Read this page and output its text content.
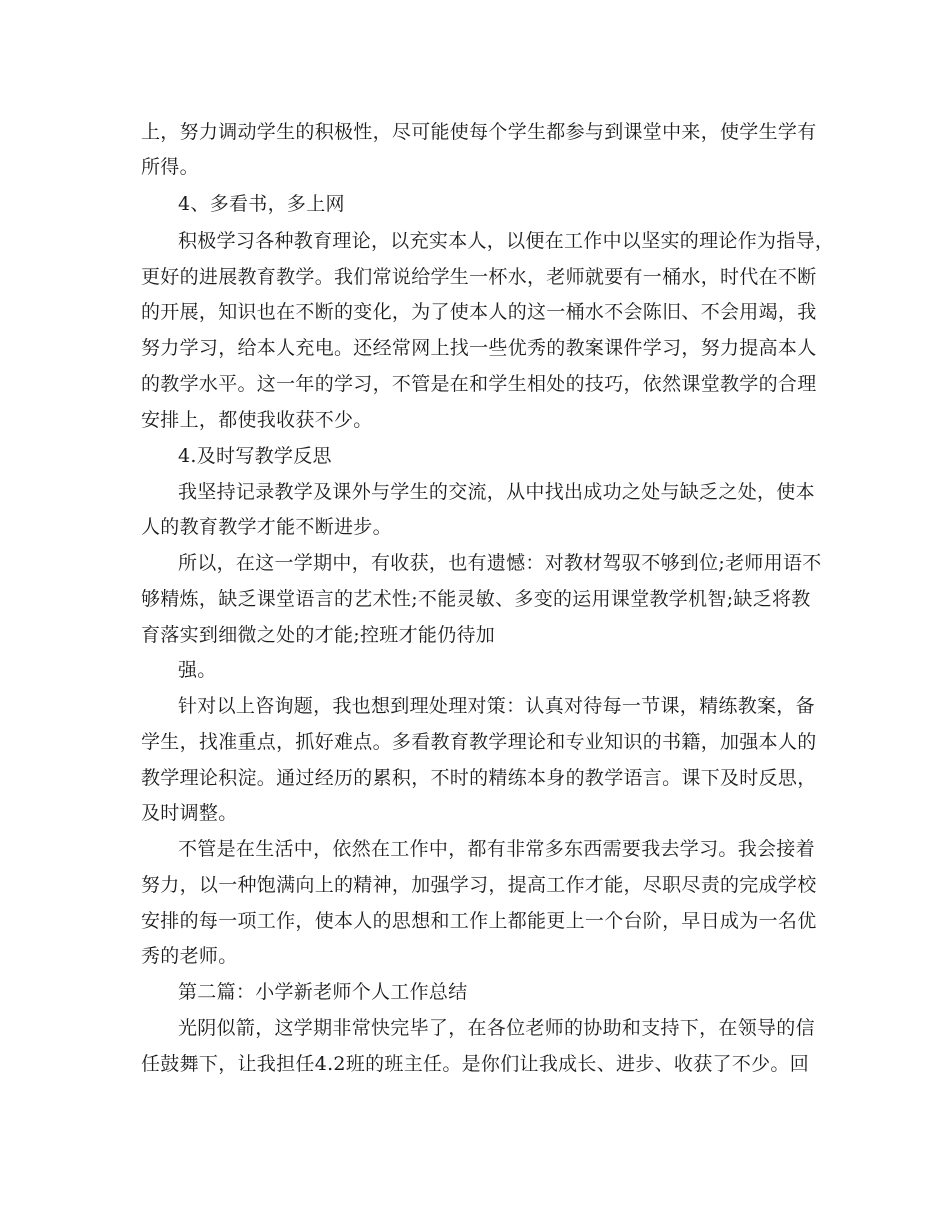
上，努力调动学生的积极性，尽可能使每个学生都参与到课堂中来，使学生学有
所得。
4、多看书，多上网
积极学习各种教育理论，以充实本人，以便在工作中以坚实的理论作为指导，
更好的进展教育教学。我们常说给学生一杯水，老师就要有一桶水，时代在不断
的开展，知识也在不断的变化，为了使本人的这一桶水不会陈旧、不会用竭，我
努力学习，给本人充电。还经常网上找一些优秀的教案课件学习，努力提高本人
的教学水平。这一年的学习，不管是在和学生相处的技巧，依然课堂教学的合理
安排上，都使我收获不少。
4.及时写教学反思
我坚持记录教学及课外与学生的交流，从中找出成功之处与缺乏之处，使本
人的教育教学才能不断进步。
所以，在这一学期中，有收获，也有遗憾：对教材驾驭不够到位;老师用语不
够精炼，缺乏课堂语言的艺术性;不能灵敏、多变的运用课堂教学机智;缺乏将教
育落实到细微之处的才能;控班才能仍待加
强。
针对以上咨询题，我也想到理处理对策：认真对待每一节课，精练教案，备
学生，找准重点，抓好难点。多看教育教学理论和专业知识的书籍，加强本人的
教学理论积淀。通过经历的累积，不时的精练本身的教学语言。课下及时反思，
及时调整。
不管是在生活中，依然在工作中，都有非常多东西需要我去学习。我会接着
努力，以一种饱满向上的精神，加强学习，提高工作才能，尽职尽责的完成学校
安排的每一项工作，使本人的思想和工作上都能更上一个台阶，早日成为一名优
秀的老师。
第二篇：小学新老师个人工作总结
光阴似箭，这学期非常快完毕了，在各位老师的协助和支持下，在领导的信
任鼓舞下，让我担任4.2班的班主任。是你们让我成长、进步、收获了不少。回
